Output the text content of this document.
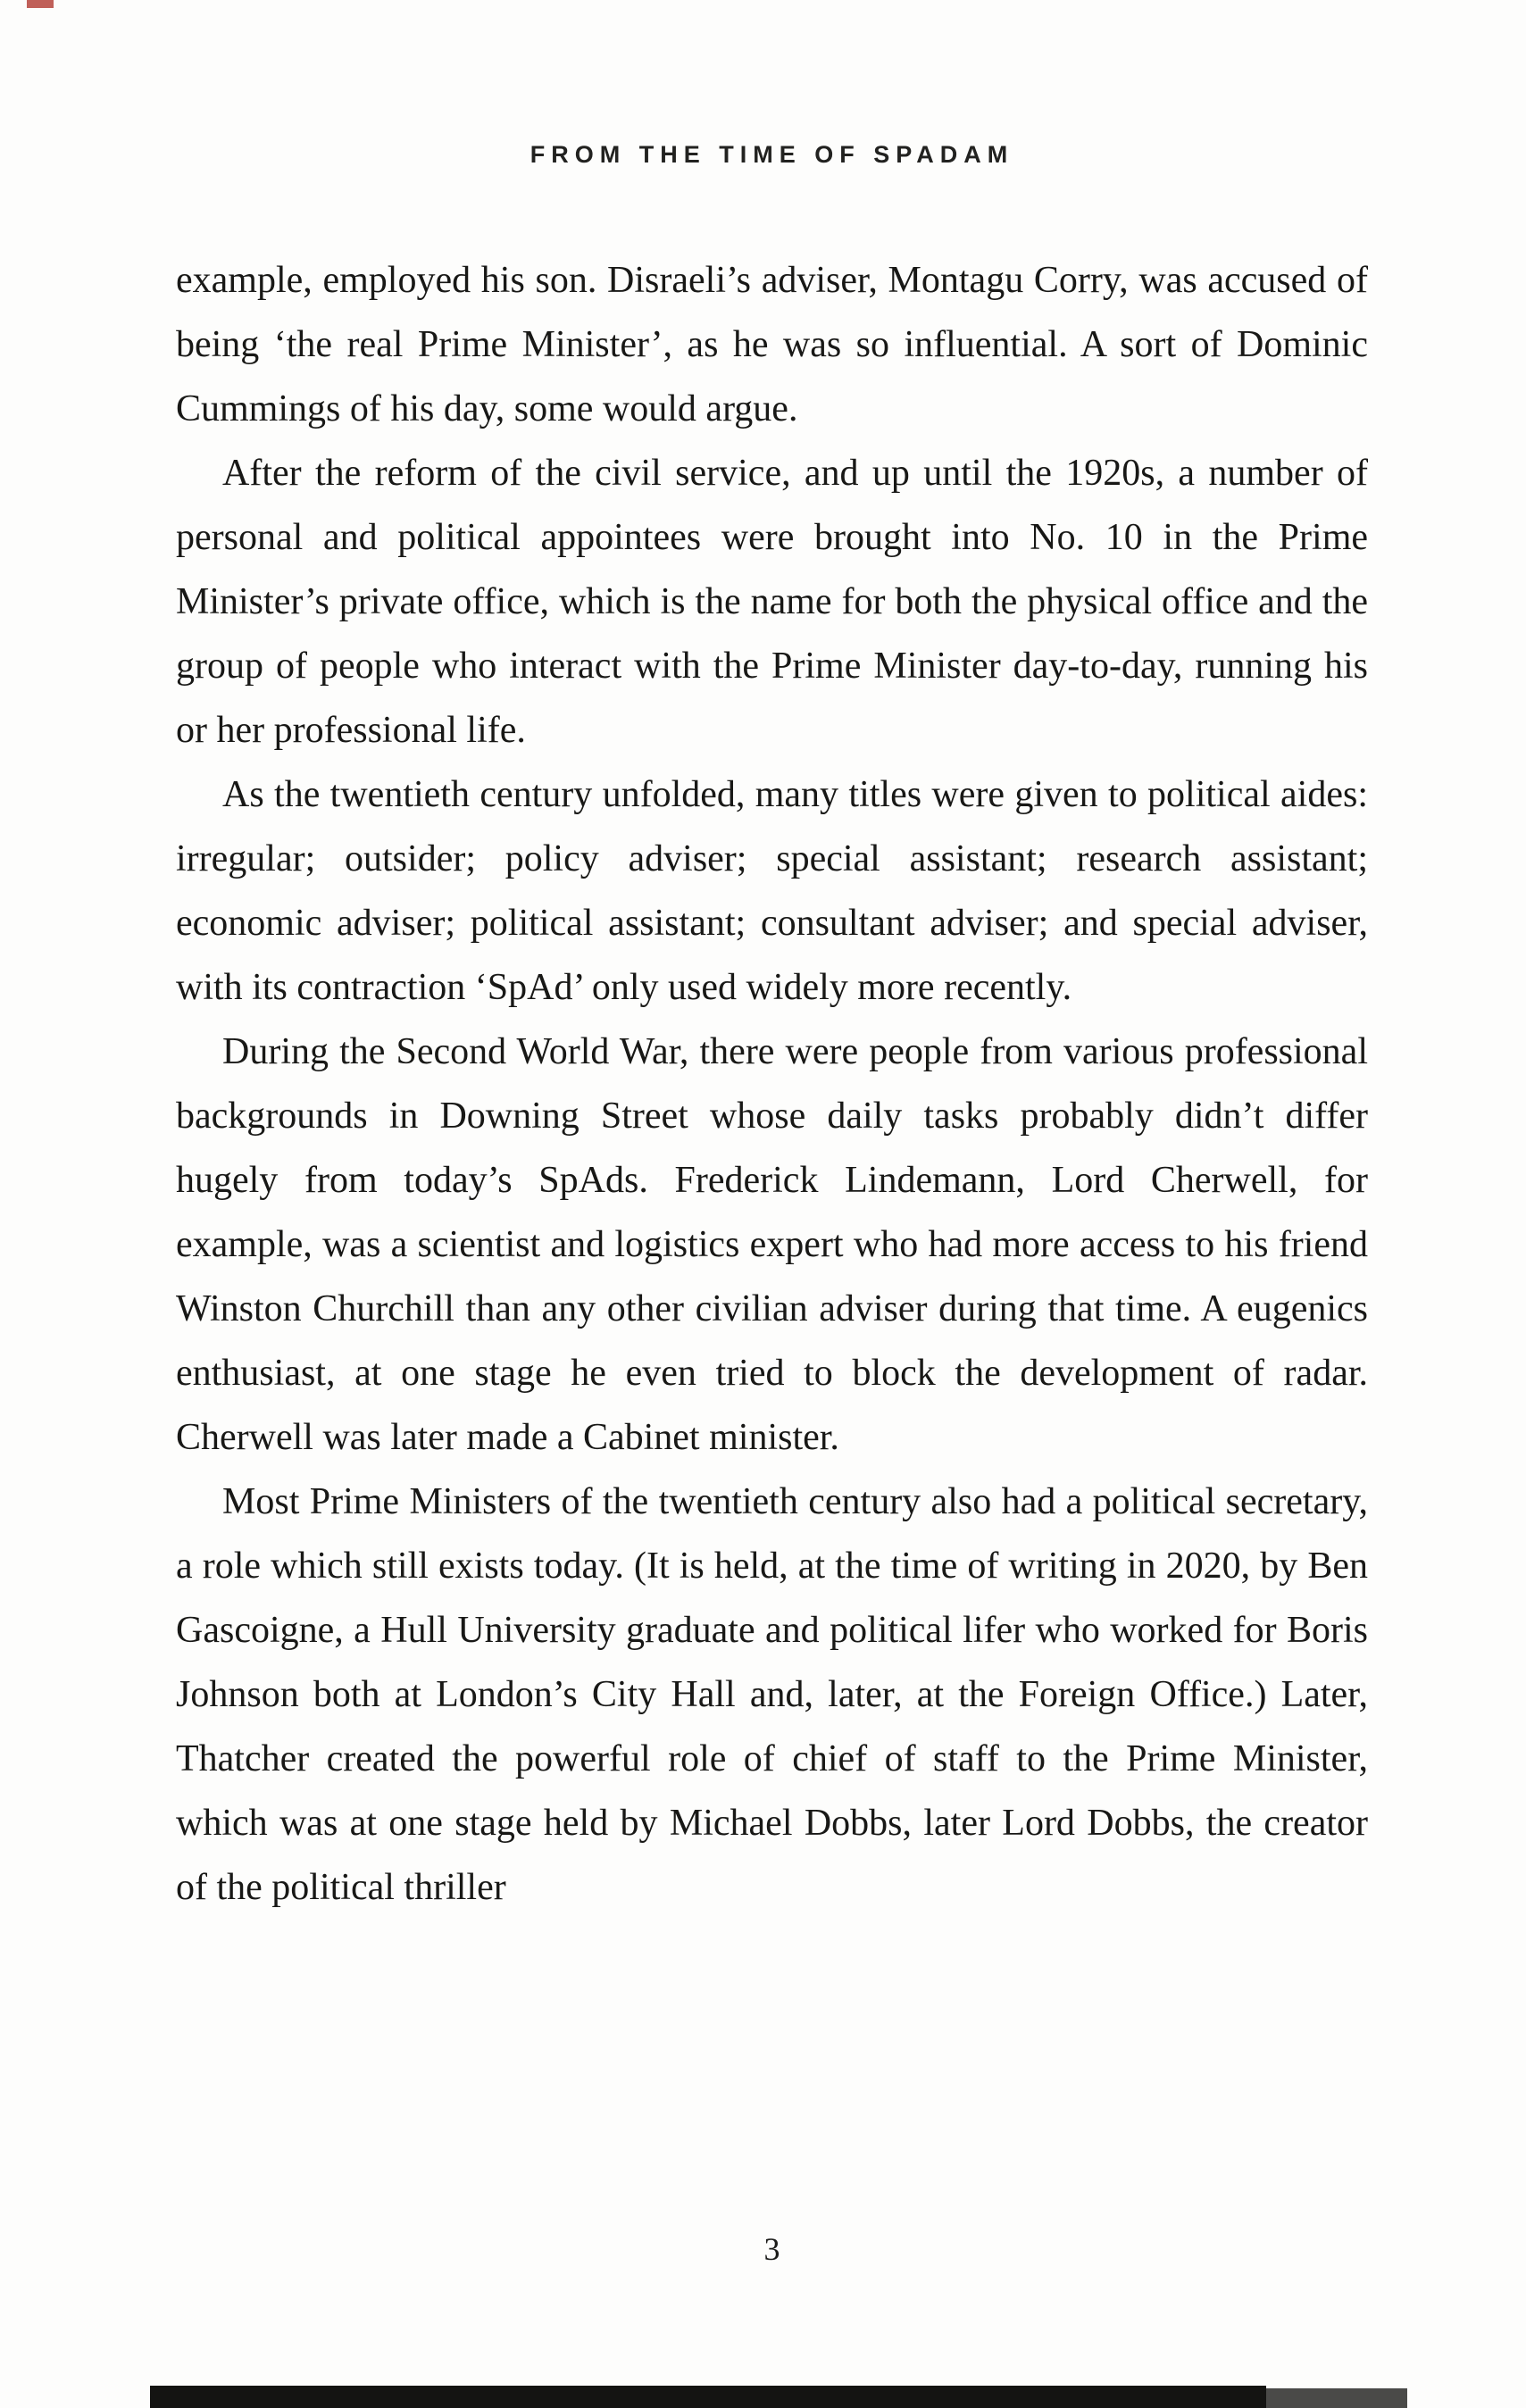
FROM THE TIME OF SPADAM

example, employed his son. Disraeli’s adviser, Montagu Corry, was accused of being ‘the real Prime Minister’, as he was so influential. A sort of Dominic Cummings of his day, some would argue.

After the reform of the civil service, and up until the 1920s, a number of personal and political appointees were brought into No. 10 in the Prime Minister’s private office, which is the name for both the physical office and the group of people who interact with the Prime Minister day-to-day, running his or her professional life.

As the twentieth century unfolded, many titles were given to political aides: irregular; outsider; policy adviser; special assistant; research assistant; economic adviser; political assistant; consultant adviser; and special adviser, with its contraction ‘SpAd’ only used widely more recently.

During the Second World War, there were people from various professional backgrounds in Downing Street whose daily tasks probably didn’t differ hugely from today’s SpAds. Frederick Lindemann, Lord Cherwell, for example, was a scientist and logistics expert who had more access to his friend Winston Churchill than any other civilian adviser during that time. A eugenics enthusiast, at one stage he even tried to block the development of radar. Cherwell was later made a Cabinet minister.

Most Prime Ministers of the twentieth century also had a political secretary, a role which still exists today. (It is held, at the time of writing in 2020, by Ben Gascoigne, a Hull University graduate and political lifer who worked for Boris Johnson both at London’s City Hall and, later, at the Foreign Office.) Later, Thatcher created the powerful role of chief of staff to the Prime Minister, which was at one stage held by Michael Dobbs, later Lord Dobbs, the creator of the political thriller

3
